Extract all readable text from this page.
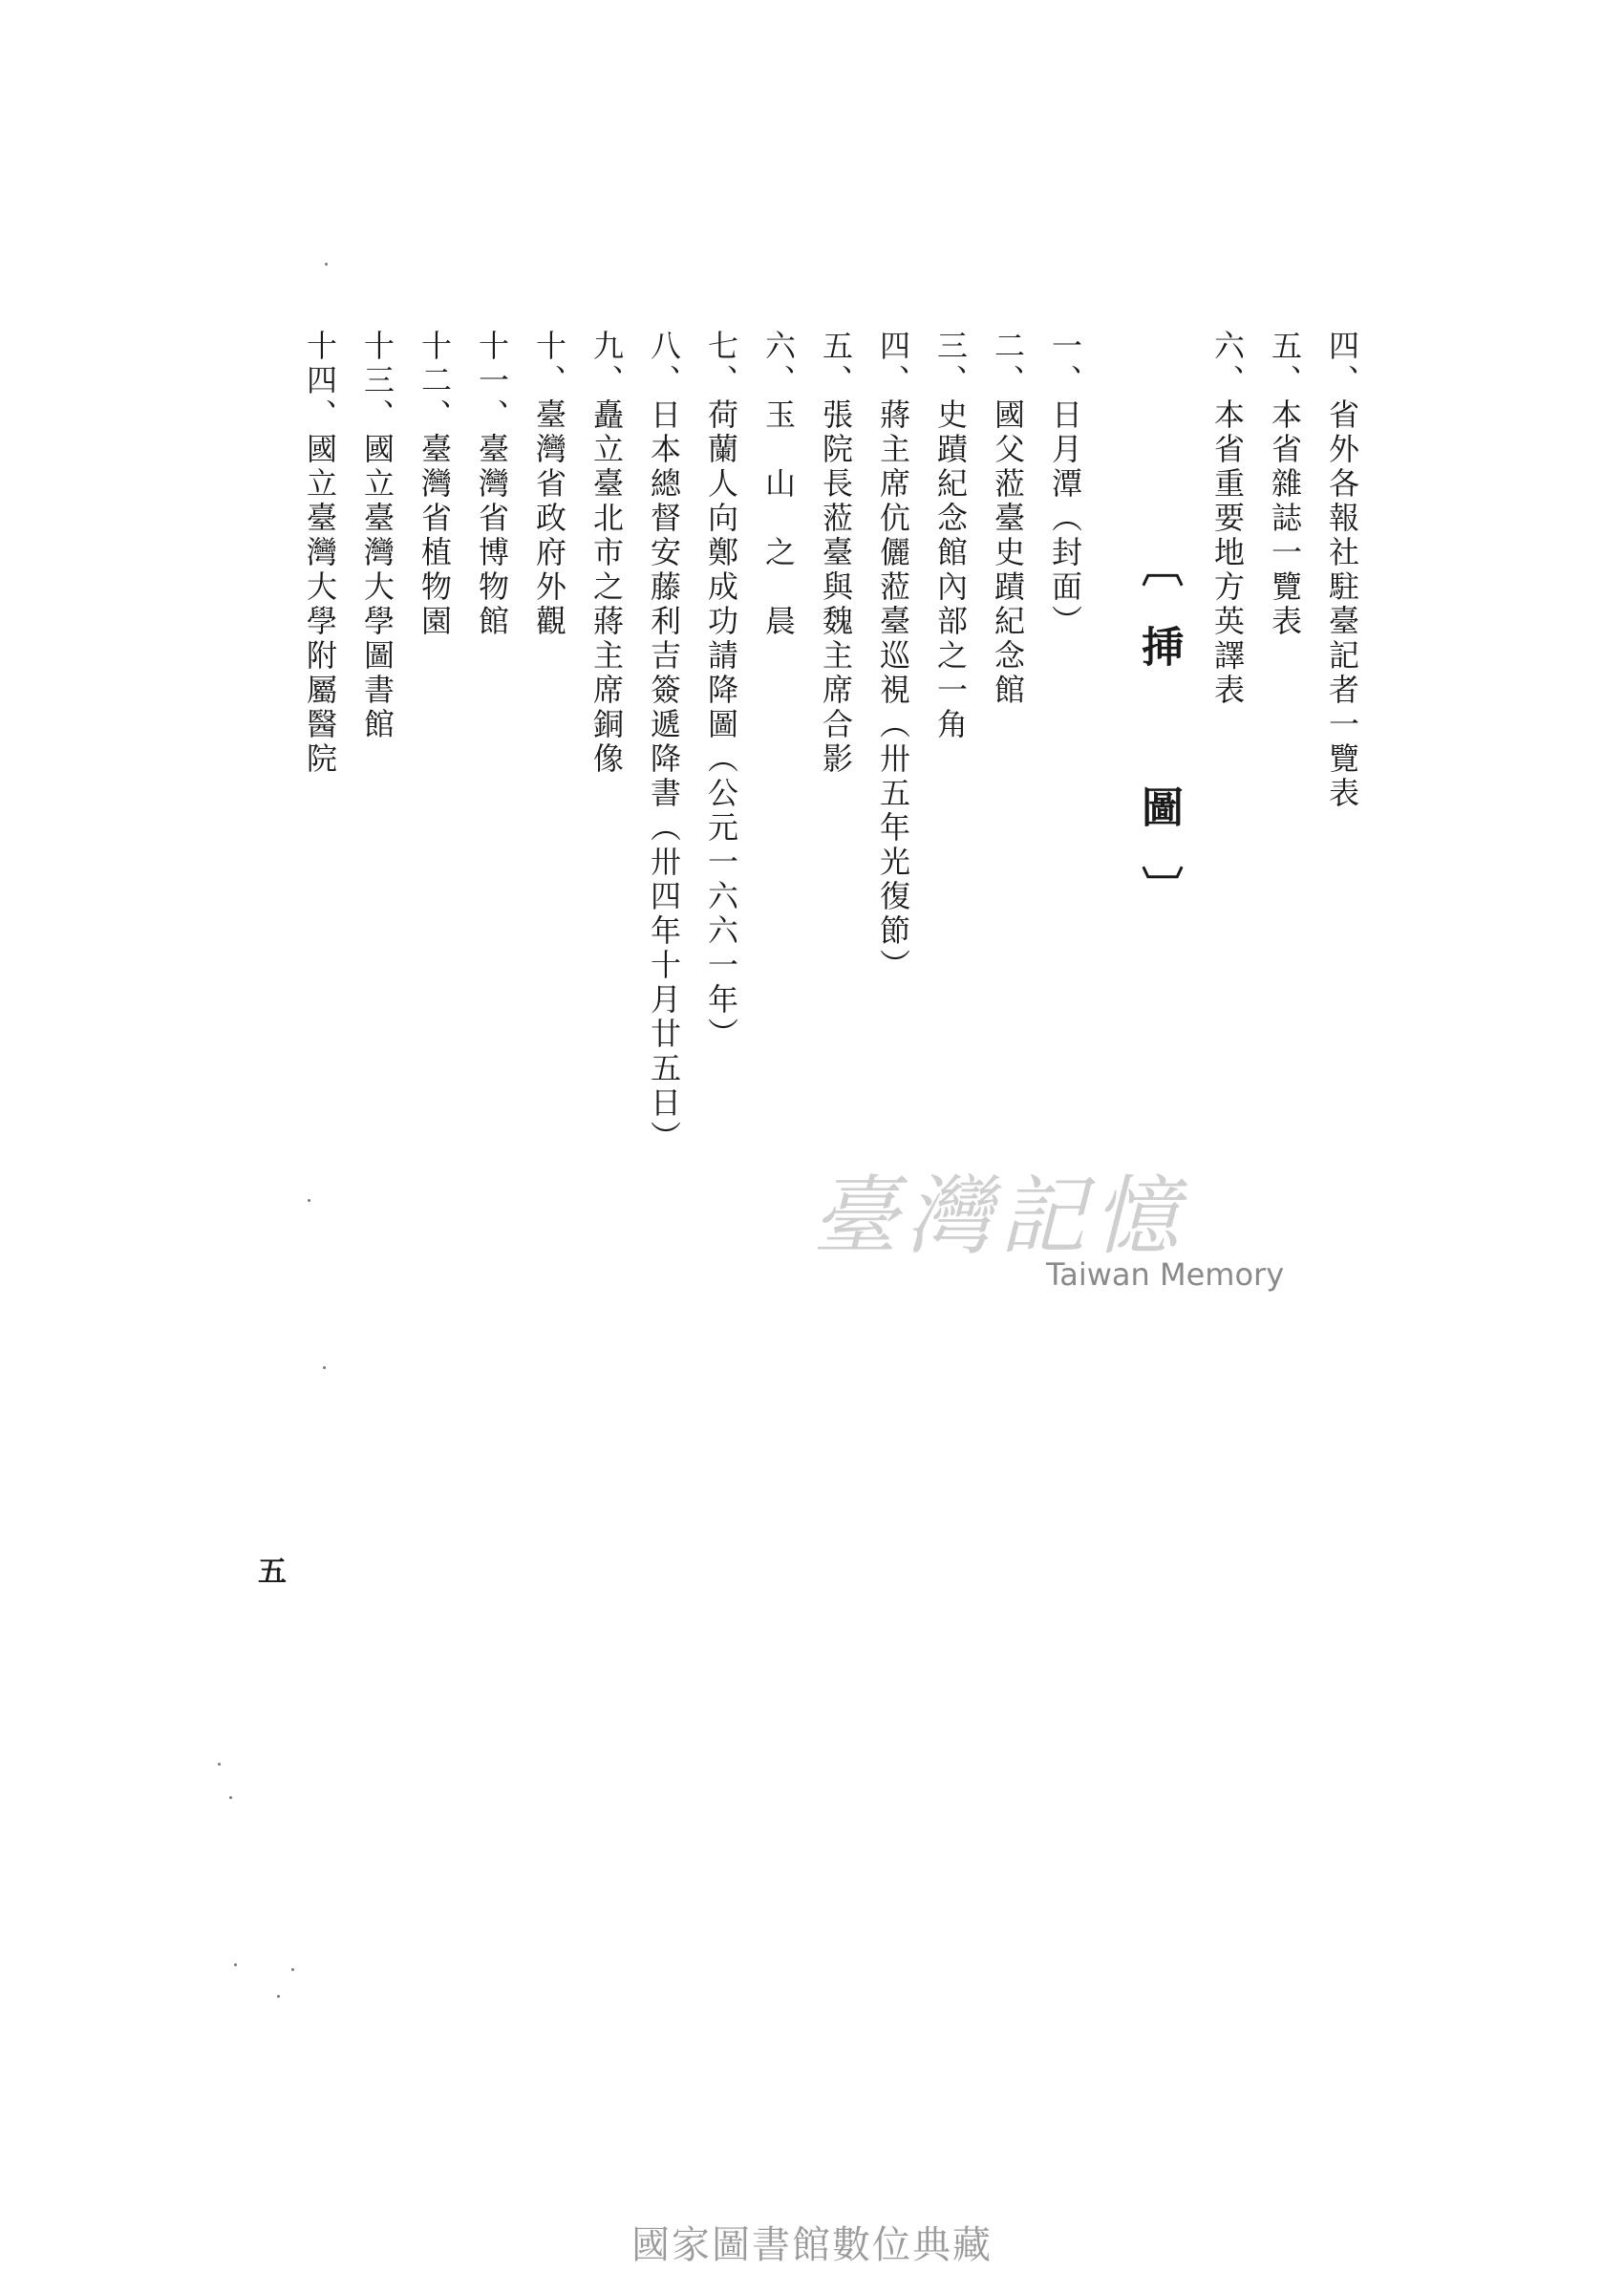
四、省外各報社駐臺記者一覽表
五、本省雜誌一覽表
六、本省重要地方英譯表
〔挿　圖〕
一、日月潭（封面）
二、國父蒞臺史蹟紀念館
三、史蹟紀念館內部之一角
四、蔣主席伉儷蒞臺巡視（卅五年光復節）
五、張院長蒞臺與魏主席合影
六、玉　山　之　晨
七、荷蘭人向鄭成功請降圖（公元一六六一年）
八、日本總督安藤利吉簽遞降書（卅四年十月廿五日）
九、矗立臺北市之蔣主席銅像
十、臺灣省政府外觀
十一、臺灣省博物館
十二、臺灣省植物園
十三、國立臺灣大學圖書館
十四、國立臺灣大學附屬醫院
五
臺灣記憶
Taiwan Memory
國家圖書館數位典藏
